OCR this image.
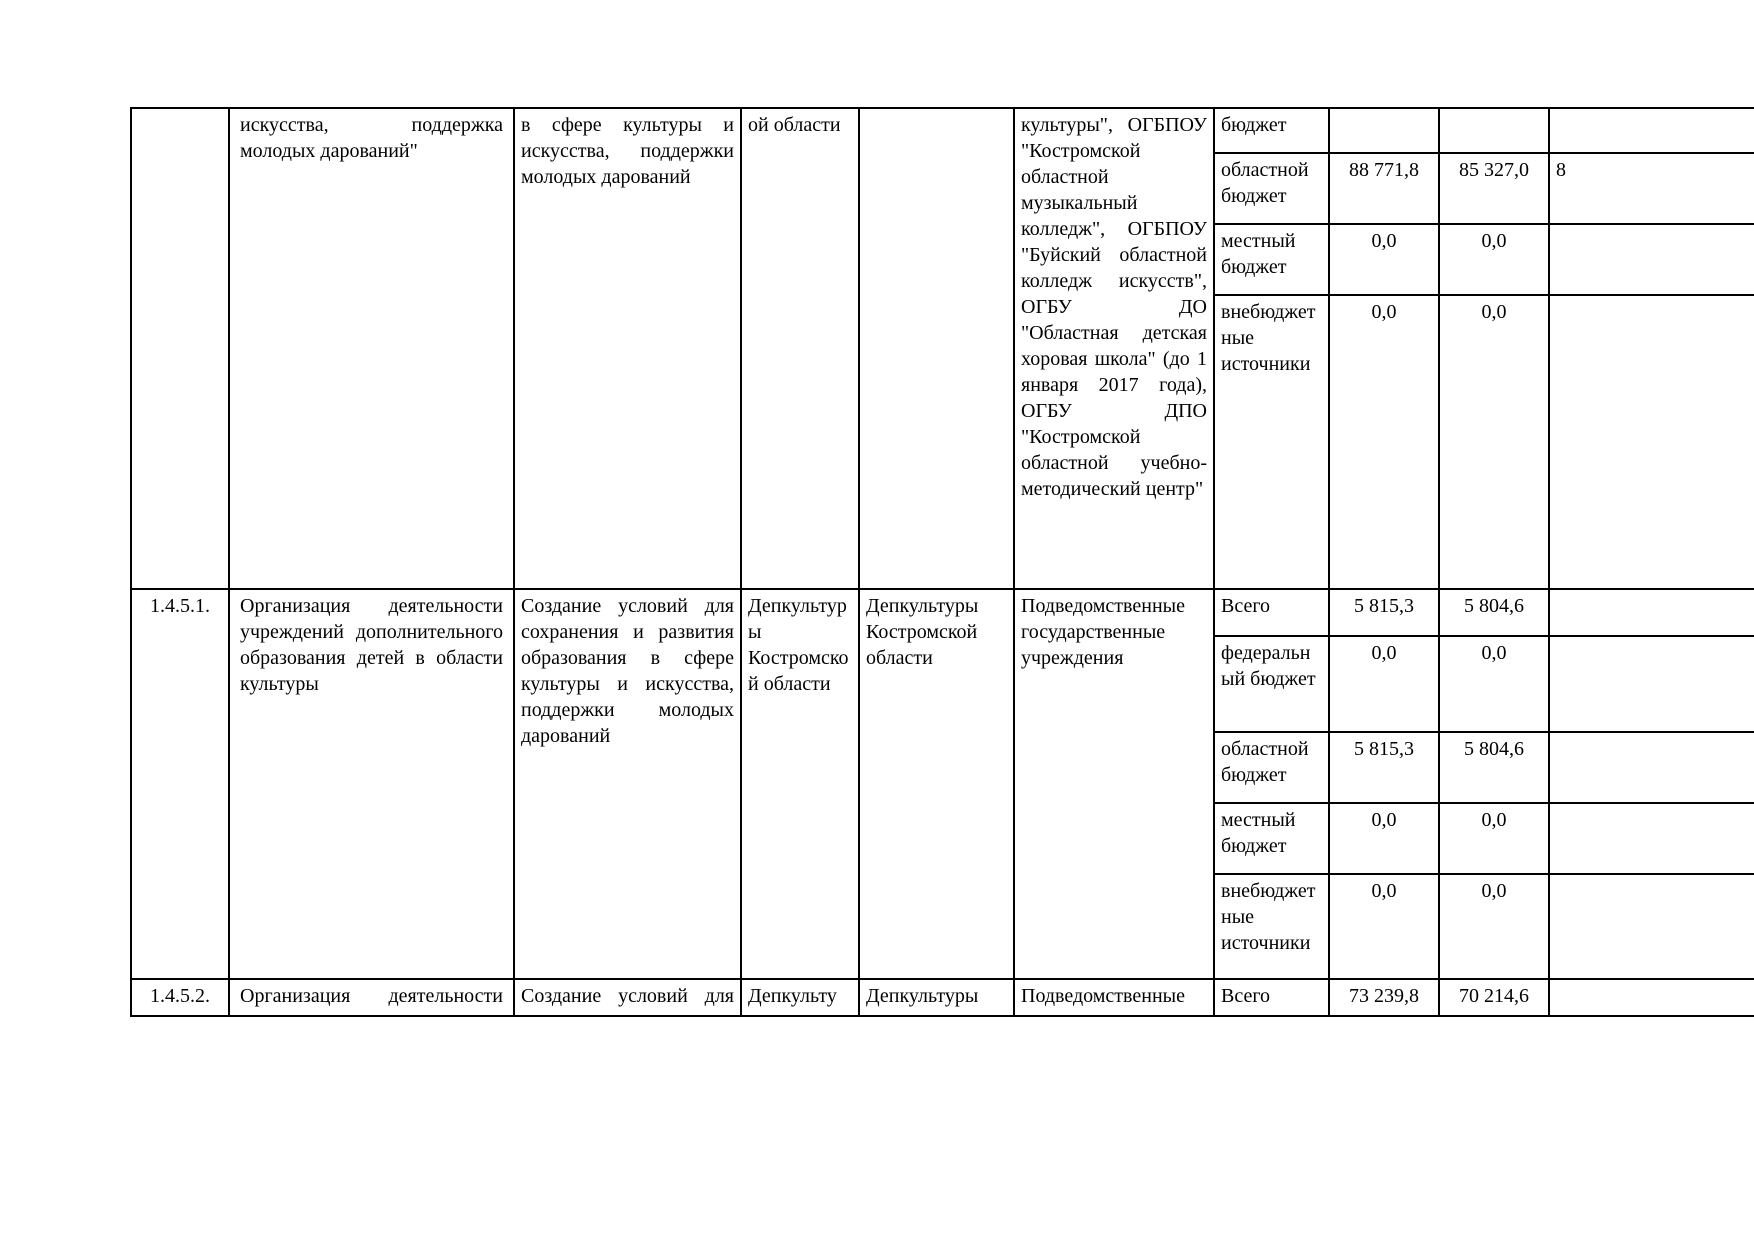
	искусства, поддержка молодых дарований"	в сфере культуры и искусства, поддержки молодых дарований	ой области		культуры", ОГБПОУ "Костромской областной музыкальный колледж", ОГБПОУ "Буйский областной колледж искусств", ОГБУ ДО "Областная детская хоровая школа" (до 1 января 2017 года), ОГБУ ДПО "Костромской областной учебно-методический центр"	бюджет			
						областной бюджет	88 771,8	85 327,0	8
						местный бюджет	0,0	0,0	
						внебюджетные источники	0,0	0,0	
1.4.5.1.	Организация деятельности учреждений дополнительного образования детей в области культуры	Создание условий для сохранения и развития образования в сфере культуры и искусства, поддержки молодых дарований	Депкультуры Костромской области	Депкультуры Костромской области	Подведомственные государственные учреждения	Всего	5 815,3	5 804,6	
						федеральный бюджет	0,0	0,0	
						областной бюджет	5 815,3	5 804,6	
						местный бюджет	0,0	0,0	
						внебюджетные источники	0,0	0,0	
1.4.5.2.	Организация деятельности	Создание условий для	Депкульту	Депкультуры	Подведомственные	Всего	73 239,8	70 214,6	
